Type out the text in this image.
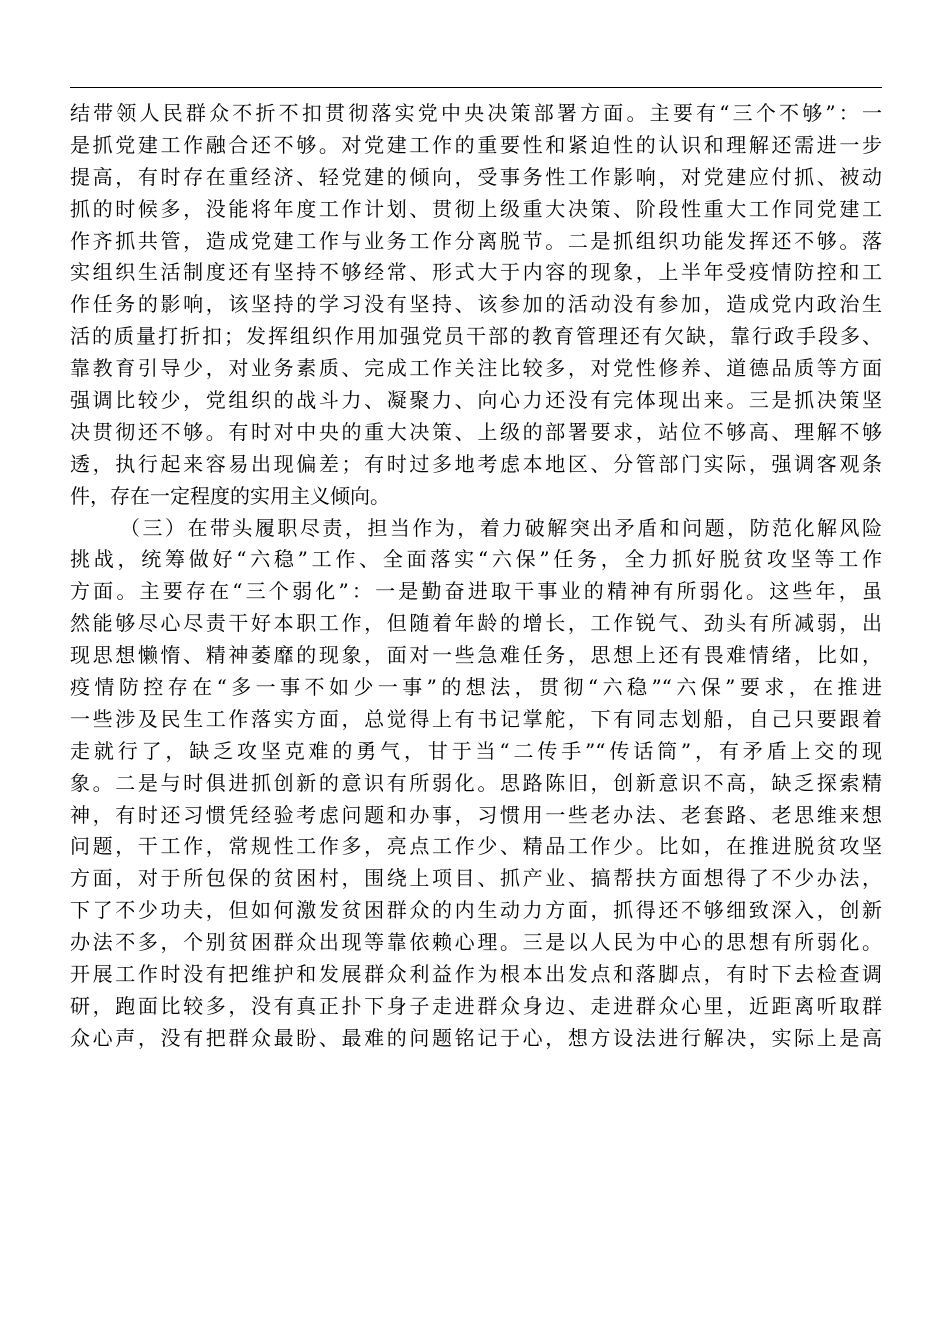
结带领人民群众不折不扣贯彻落实党中央决策部署方面。主要有“三个不够”：一
是抓党建工作融合还不够。对党建工作的重要性和紧迫性的认识和理解还需进一步
提高，有时存在重经济、轻党建的倾向，受事务性工作影响，对党建应付抓、被动
抓的时候多，没能将年度工作计划、贯彻上级重大决策、阶段性重大工作同党建工
作齐抓共管，造成党建工作与业务工作分离脱节。二是抓组织功能发挥还不够。落
实组织生活制度还有坚持不够经常、形式大于内容的现象，上半年受疫情防控和工
作任务的影响，该坚持的学习没有坚持、该参加的活动没有参加，造成党内政治生
活的质量打折扣；发挥组织作用加强党员干部的教育管理还有欠缺，靠行政手段多、
靠教育引导少，对业务素质、完成工作关注比较多，对党性修养、道德品质等方面
强调比较少，党组织的战斗力、凝聚力、向心力还没有完体现出来。三是抓决策坚
决贯彻还不够。有时对中央的重大决策、上级的部署要求，站位不够高、理解不够
透，执行起来容易出现偏差；有时过多地考虑本地区、分管部门实际，强调客观条
件，存在一定程度的实用主义倾向。
（三）在带头履职尽责，担当作为，着力破解突出矛盾和问题，防范化解风险
挑战，统筹做好“六稳”工作、全面落实“六保”任务，全力抓好脱贫攻坚等工作
方面。主要存在“三个弱化”：一是勤奋进取干事业的精神有所弱化。这些年，虽
然能够尽心尽责干好本职工作，但随着年龄的增长，工作锐气、劲头有所减弱，出
现思想懒惰、精神萎靡的现象，面对一些急难任务，思想上还有畏难情绪，比如，
疫情防控存在“多一事不如少一事”的想法，贯彻“六稳”“六保”要求，在推进
一些涉及民生工作落实方面，总觉得上有书记掌舵，下有同志划船，自己只要跟着
走就行了，缺乏攻坚克难的勇气，甘于当“二传手”“传话筒”，有矛盾上交的现
象。二是与时俱进抓创新的意识有所弱化。思路陈旧，创新意识不高，缺乏探索精
神，有时还习惯凭经验考虑问题和办事，习惯用一些老办法、老套路、老思维来想
问题，干工作，常规性工作多，亮点工作少、精品工作少。比如，在推进脱贫攻坚
方面，对于所包保的贫困村，围绕上项目、抓产业、搞帮扶方面想得了不少办法，
下了不少功夫，但如何激发贫困群众的内生动力方面，抓得还不够细致深入，创新
办法不多，个别贫困群众出现等靠依赖心理。三是以人民为中心的思想有所弱化。
开展工作时没有把维护和发展群众利益作为根本出发点和落脚点，有时下去检查调
研，跑面比较多，没有真正扑下身子走进群众身边、走进群众心里，近距离听取群
众心声，没有把群众最盼、最难的问题铭记于心，想方设法进行解决，实际上是高
